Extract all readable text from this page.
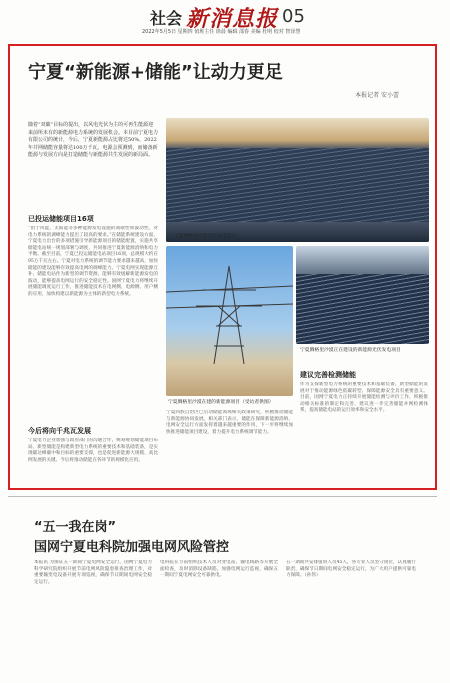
社会 新消息报 05
2022年5月5日 星期四 值班主任 徐晨 编辑 邵春 美编 杜明 校对 智泽慧
宁夏“新能源+储能”让动力更足
本报记者 安小蕾
随着“双碳”目标的提出，以风电光伏为主的可再生能源迎来前所未有的新能源电力系统的发展机会。本目前宁夏电力有限公司的统计，今后，宁夏新能源占比将达50%，2022年并网储能容量将达100万千瓦。电源会预测到，而储备新能源与发展方向是打造储能与新能源共生发展的新局面。
已投运储能项目16项
“由于风能、太阳能等多种能源发电设施的间歇性和波动性，对电力系统的调峰能力提出了较高的要求。”在储能系统建设方面，宁夏电力出台的多项措施引导新能源项目的储能配置，实施共享储能电站统一规划部署与调度，共同推进宁夏新能源消纳和电力平衡。截至目前，宁夏已投运储能电站项目16项，总规模大约在95万千瓦左右。宁夏对电力系统的调节能力要求越来越高，加快储能的建设能够有效提高电网的调峰能力。宁夏电网实现能源互补，储能电站作为新型的调节资源，能够有效缓解新能源发电的波动，能够提高电网运行的安全稳定性。国网宁夏电力将继续开展储能调度运行工作，推进储能技术在电网侧、电源侧、用户侧的应用，加快构建以新能源为主体的新型电力系统。
今后将向千兆瓦发展
宁夏电力企业加强与政府部门的沟通合作，统筹规划储能项目布局。新型储能是构建新型电力系统的重要技术和基础装备，是实现碳达峰碳中和目标的重要支撑，也是促进新能源大规模、高比例发展的关键。今后将推动储能在各环节的规模化应用。
宁夏腾格里沙漠光伏发电项目
宁夏腾格里沙漠在建的新能源项目（受访者供图）
宁夏腾格里沙漠正在建设的新能源光伏发电项目
宁夏回族自治区已启动储能领域相关政策研究，积极推动储能与新能源协同发展。相关部门表示，储能在保障新能源消纳、电网安全运行方面发挥着越来越重要的作用，下一步将继续加快推进储能项目建设，着力提升电力系统调节能力。
建议完善检测储能
作为支撑新型电力系统的重要技术和基础装备，新型储能的发展对于推动能源绿色低碳转型、保障能源安全具有重要意义。目前，国网宁夏电力正持续开展储能检测与评价工作，积极推动相关标准的制定和完善，建议进一步完善储能并网检测体系，提高储能电站的运行效率和安全水平。
“五一我在岗”
国网宁夏电科院加强电网风险管控
本报讯 为保证五一期间宁夏电网安全运行，国网宁夏电力科学研究院组织开展节前电网风险隐患排查治理工作，对重要输变电设备开展专项巡视，确保节日期间电网安全稳定运行。
电科院在节前组织技术人员对变电站、输电线路等开展全面检查，及时消除设备缺陷，加强电网运行监视，确保五一期间宁夏电网安全可靠供电。
五一期间共安排值班人员45人，各专业人员坚守岗位，认真履行职责，确保节日期间电网安全稳定运行，为广大用户提供可靠电力保障。（孙伟）
